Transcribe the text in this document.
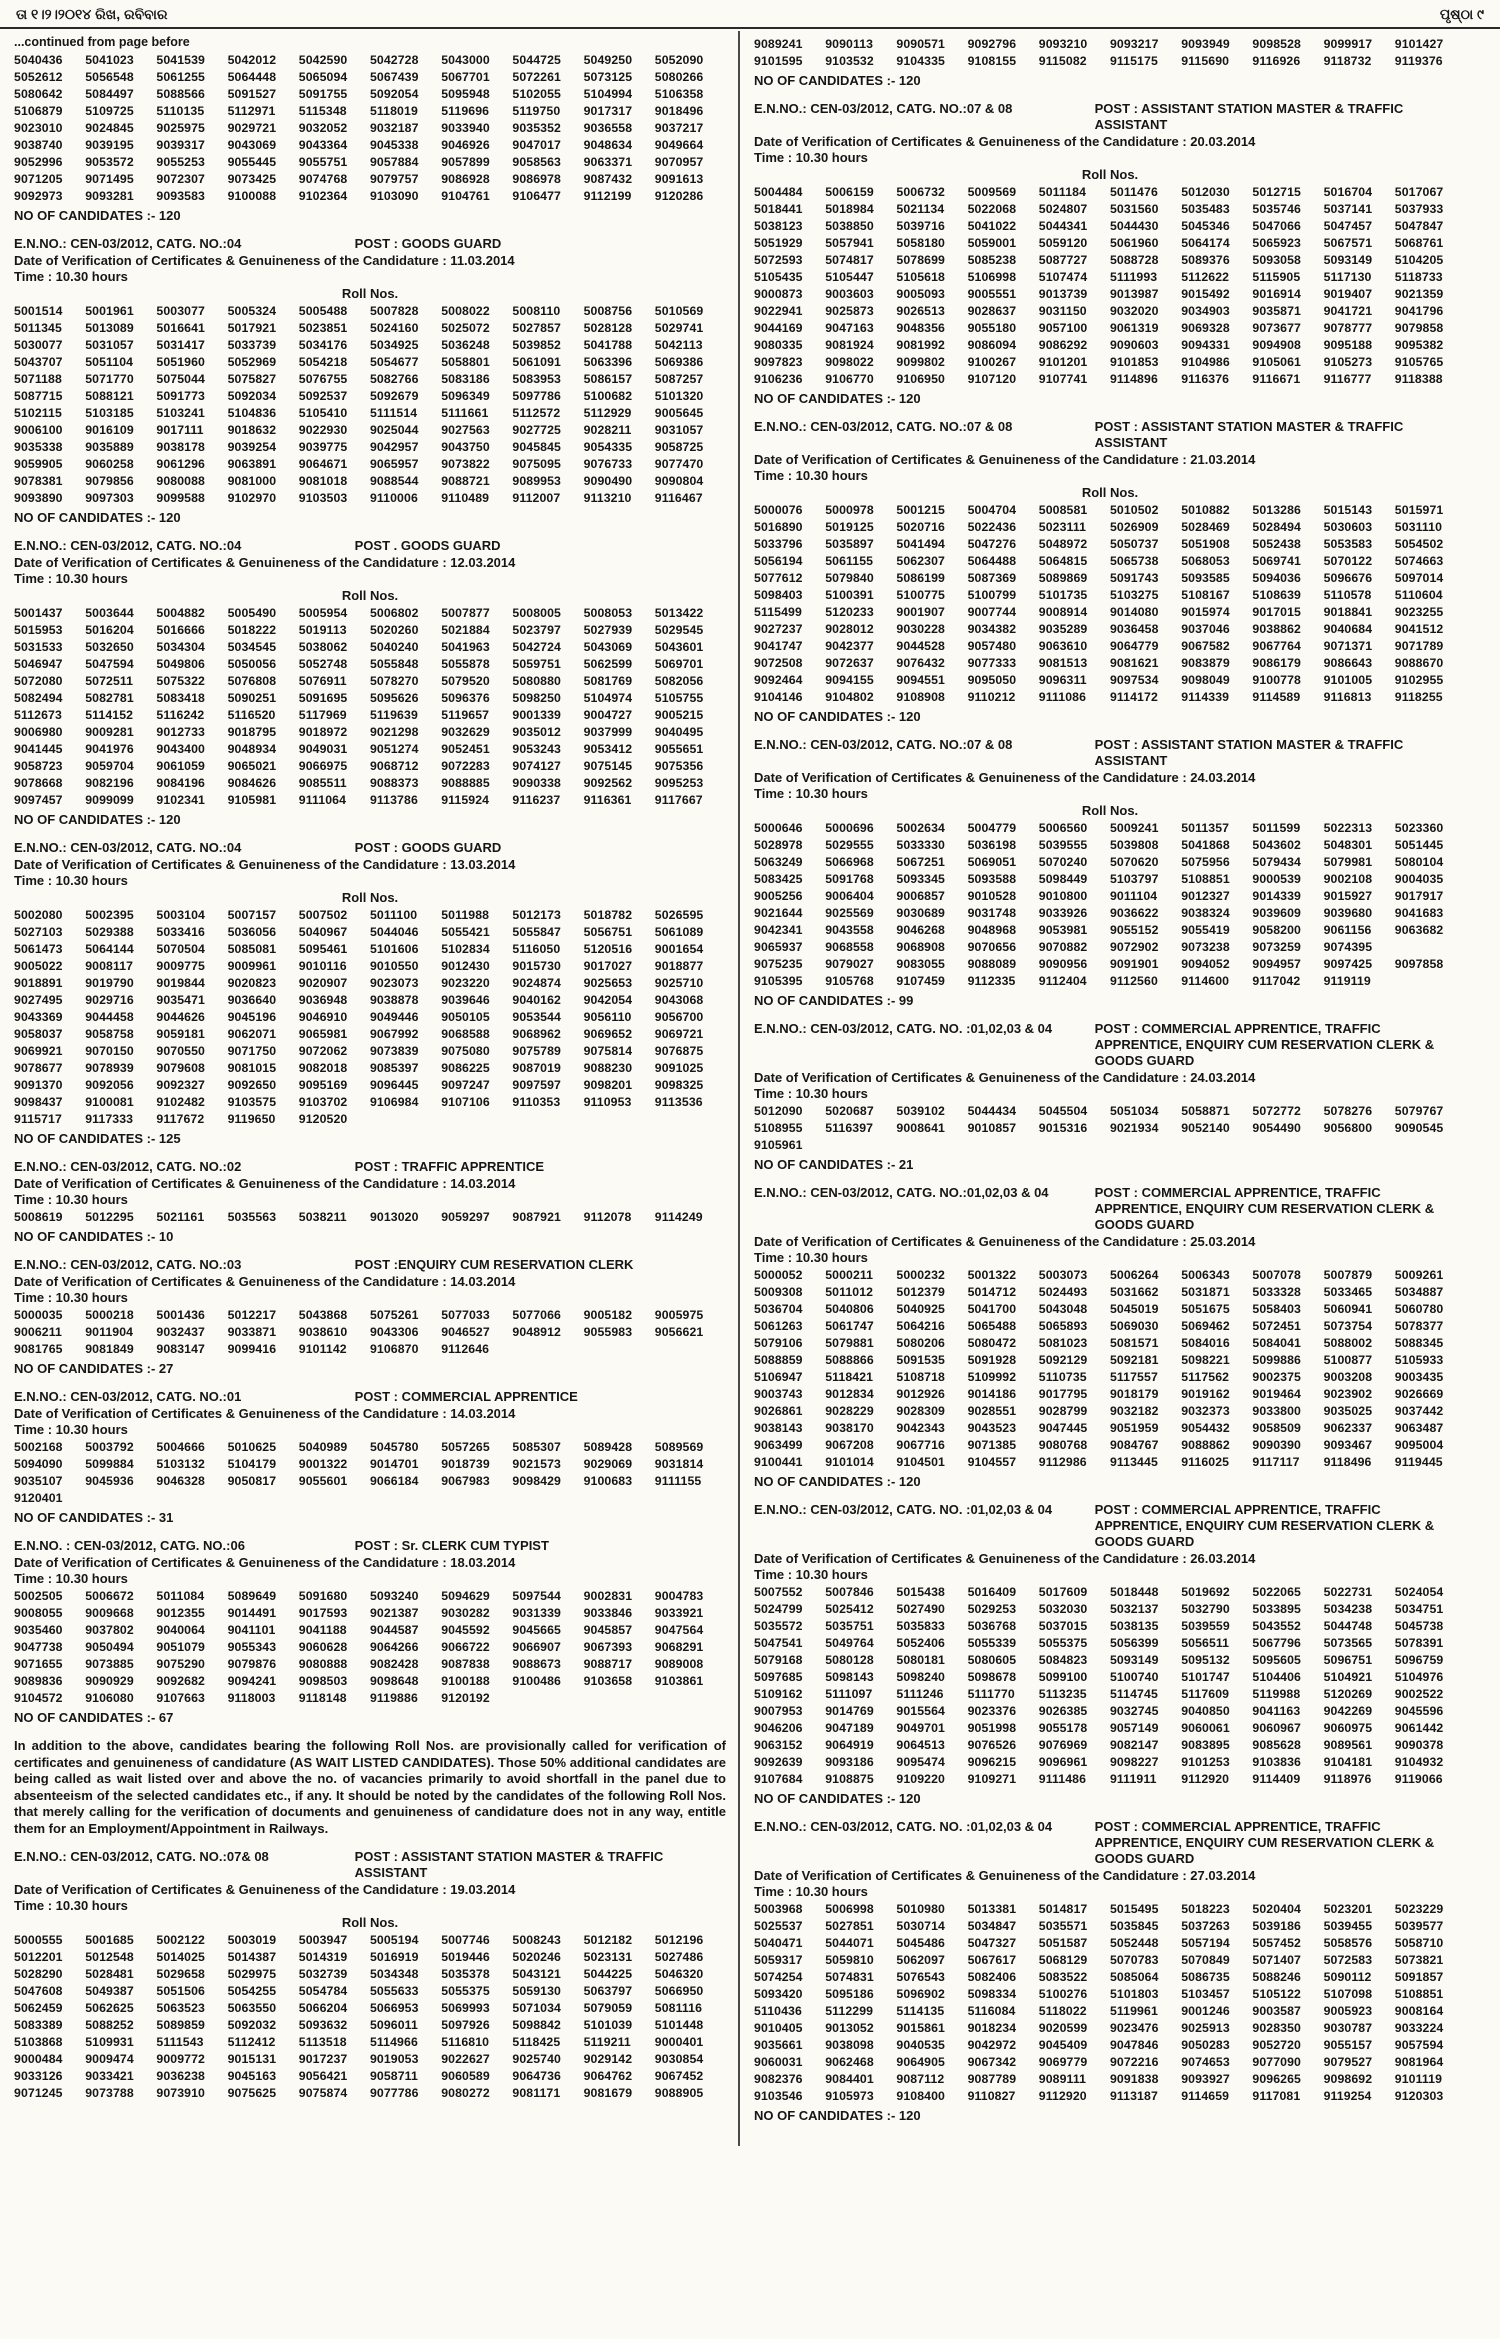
ତା ୧।୨।୨୦୧୪ ରିଖ, ରବିବାର	ପୃଷ୍ଠା ୯
...continued from page before
5040436	5041023	5041539	5042012	5042590	5042728	5043000	5044725	5049250	5052090
5052612	5056548	5061255	5064448	5065094	5067439	5067701	5072261	5073125	5080266
5080642	5084497	5088566	5091527	5091755	5092054	5095948	5102055	5104994	5106358
5106879	5109725	5110135	5112971	5115348	5118019	5119696	5119750	9017317	9018496
9023010	9024845	9025975	9029721	9032052	9032187	9033940	9035352	9036558	9037217
9038740	9039195	9039317	9043069	9043364	9045338	9046926	9047017	9048634	9049664
9052996	9053572	9055253	9055445	9055751	9057884	9057899	9058563	9063371	9070957
9071205	9071495	9072307	9073425	9074768	9079757	9086928	9086978	9087432	9091613
9092973	9093281	9093583	9100088	9102364	9103090	9104761	9106477	9112199	9120286
NO OF CANDIDATES :- 120
E.N.NO.: CEN-03/2012, CATG. NO.:04	POST : GOODS GUARD
Date of Verification of Certificates & Genuineness of the Candidature : 11.03.2014
Time : 10.30 hours
Roll Nos.
5001514	5001961	5003077	5005324	5005488	5007828	5008022	5008110	5008756	5010569
5011345	5013089	5016641	5017921	5023851	5024160	5025072	5027857	5028128	5029741
5030077	5031057	5031417	5033739	5034176	5034925	5036248	5039852	5041788	5042113
5043707	5051104	5051960	5052969	5054218	5054677	5058801	5061091	5063396	5069386
5071188	5071770	5075044	5075827	5076755	5082766	5083186	5083953	5086157	5087257
5087715	5088121	5091773	5092034	5092537	5092679	5096349	5097786	5100682	5101320
5102115	5103185	5103241	5104836	5105410	5111514	5111661	5112572	5112929	9005645
9006100	9016109	9017111	9018632	9022930	9025044	9027563	9027725	9028211	9031057
9035338	9035889	9038178	9039254	9039775	9042957	9043750	9045845	9054335	9058725
9059905	9060258	9061296	9063891	9064671	9065957	9073822	9075095	9076733	9077470
9078381	9079856	9080088	9081000	9081018	9088544	9088721	9089953	9090490	9090804
9093890	9097303	9099588	9102970	9103503	9110006	9110489	9112007	9113210	9116467
NO OF CANDIDATES :- 120
E.N.NO.: CEN-03/2012, CATG. NO.:04	POST . GOODS GUARD
Date of Verification of Certificates & Genuineness of the Candidature : 12.03.2014
Time : 10.30 hours
Roll Nos.
5001437	5003644	5004882	5005490	5005954	5006802	5007877	5008005	5008053	5013422
5015953	5016204	5016666	5018222	5019113	5020260	5021884	5023797	5027939	5029545
5031533	5032650	5034304	5034545	5038062	5040240	5041963	5042724	5043069	5043601
5046947	5047594	5049806	5050056	5052748	5055848	5055878	5059751	5062599	5069701
5072080	5072511	5075322	5076808	5076911	5078270	5079520	5080880	5081769	5082056
5082494	5082781	5083418	5090251	5091695	5095626	5096376	5098250	5104974	5105755
5112673	5114152	5116242	5116520	5117969	5119639	5119657	9001339	9004727	9005215
9006980	9009281	9012733	9018795	9018972	9021298	9032629	9035012	9037999	9040495
9041445	9041976	9043400	9048934	9049031	9051274	9052451	9053243	9053412	9055651
9058723	9059704	9061059	9065021	9066975	9068712	9072283	9074127	9075145	9075356
9078668	9082196	9084196	9084626	9085511	9088373	9088885	9090338	9092562	9095253
9097457	9099099	9102341	9105981	9111064	9113786	9115924	9116237	9116361	9117667
NO OF CANDIDATES :- 120
E.N.NO.: CEN-03/2012, CATG. NO.:04	POST : GOODS GUARD
Date of Verification of Certificates & Genuineness of the Candidature : 13.03.2014
Time : 10.30 hours
Roll Nos.
5002080	5002395	5003104	5007157	5007502	5011100	5011988	5012173	5018782	5026595
5027103	5029388	5033416	5036056	5040967	5044046	5055421	5055847	5056751	5061089
5061473	5064144	5070504	5085081	5095461	5101606	5102834	5116050	5120516	9001654
9005022	9008117	9009775	9009961	9010116	9010550	9012430	9015730	9017027	9018877
9018891	9019790	9019844	9020823	9020907	9023073	9023220	9024874	9025653	9025710
9027495	9029716	9035471	9036640	9036948	9038878	9039646	9040162	9042054	9043068
9043369	9044458	9044626	9045196	9046910	9049446	9050105	9053544	9056110	9056700
9058037	9058758	9059181	9062071	9065981	9067992	9068588	9068962	9069652	9069721
9069921	9070150	9070550	9071750	9072062	9073839	9075080	9075789	9075814	9076875
9078677	9078939	9079608	9081015	9082018	9085397	9086225	9087019	9088230	9091025
9091370	9092056	9092327	9092650	9095169	9096445	9097247	9097597	9098201	9098325
9098437	9100081	9102482	9103575	9103702	9106984	9107106	9110353	9110953	9113536
9115717	9117333	9117672	9119650	9120520
NO OF CANDIDATES :- 125
E.N.NO.: CEN-03/2012, CATG. NO.:02	POST : TRAFFIC APPRENTICE
Date of Verification of Certificates & Genuineness of the Candidature : 14.03.2014
Time : 10.30 hours
5008619	5012295	5021161	5035563	5038211	9013020	9059297	9087921	9112078	9114249
NO OF CANDIDATES :- 10
E.N.NO.: CEN-03/2012, CATG. NO.:03	POST :ENQUIRY CUM RESERVATION CLERK
Date of Verification of Certificates & Genuineness of the Candidature : 14.03.2014
Time : 10.30 hours
5000035	5000218	5001436	5012217	5043868	5075261	5077033	5077066	9005182	9005975
9006211	9011904	9032437	9033871	9038610	9043306	9046527	9048912	9055983	9056621
9081765	9081849	9083147	9099416	9101142	9106870	9112646
NO OF CANDIDATES :- 27
E.N.NO.: CEN-03/2012, CATG. NO.:01	POST : COMMERCIAL APPRENTICE
Date of Verification of Certificates & Genuineness of the Candidature : 14.03.2014
Time : 10.30 hours
5002168	5003792	5004666	5010625	5040989	5045780	5057265	5085307	5089428	5089569
5094090	5099884	5103132	5104179	9001322	9014701	9018739	9021573	9029069	9031814
9035107	9045936	9046328	9050817	9055601	9066184	9067983	9098429	9100683	9111155
9120401
NO OF CANDIDATES :- 31
E.N.NO. : CEN-03/2012, CATG. NO.:06	POST : Sr. CLERK CUM TYPIST
Date of Verification of Certificates & Genuineness of the Candidature : 18.03.2014
Time : 10.30 hours
5002505	5006672	5011084	5089649	5091680	5093240	5094629	5097544	9002831	9004783
9008055	9009668	9012355	9014491	9017593	9021387	9030282	9031339	9033846	9033921
9035460	9037802	9040064	9041101	9041188	9044587	9045592	9045665	9045857	9047564
9047738	9050494	9051079	9055343	9060628	9064266	9066722	9066907	9067393	9068291
9071655	9073885	9075290	9079876	9080888	9082428	9087838	9088673	9088717	9089008
9089836	9090929	9092682	9094241	9098503	9098648	9100188	9100486	9103658	9103861
9104572	9106080	9107663	9118003	9118148	9119886	9120192
NO OF CANDIDATES :- 67

In addition to the above, candidates bearing the following Roll Nos. are provisionally called for verification of certificates and genuineness of candidature (AS WAIT LISTED CANDIDATES). Those 50% additional candidates are being called as wait listed over and above the no. of vacancies primarily to avoid shortfall in the panel due to absenteeism of the selected candidates etc., if any. It should be noted by the candidates of the following Roll Nos. that merely calling for the verification of documents and genuineness of candidature does not in any way, entitle them for an Employment/Appointment in Railways.

E.N.NO.: CEN-03/2012, CATG. NO.:07& 08	POST : ASSISTANT STATION MASTER & TRAFFIC ASSISTANT
Date of Verification of Certificates & Genuineness of the Candidature : 19.03.2014
Time : 10.30 hours
Roll Nos.
5000555	5001685	5002122	5003019	5003947	5005194	5007746	5008243	5012182	5012196
5012201	5012548	5014025	5014387	5014319	5016919	5019446	5020246	5023131	5027486
5028290	5028481	5029658	5029975	5032739	5034348	5035378	5043121	5044225	5046320
5047608	5049387	5051506	5054255	5054784	5055633	5055375	5059130	5063797	5066950
5062459	5062625	5063523	5063550	5066204	5066953	5069993	5071034	5079059	5081116
5083389	5088252	5089859	5092032	5093632	5096011	5097926	5098842	5101039	5101448
5103868	5109931	5111543	5112412	5113518	5114966	5116810	5118425	5119211	9000401
9000484	9009474	9009772	9015131	9017237	9019053	9022627	9025740	9029142	9030854
9033126	9033421	9036238	9045163	9056421	9058711	9060589	9064736	9064762	9067452
9071245	9073788	9073910	9075625	9075874	9077786	9080272	9081171	9081679	9088905
9089241	9090113	9090571	9092796	9093210	9093217	9093949	9098528	9099917	9101427
9101595	9103532	9104335	9108155	9115082	9115175	9115690	9116926	9118732	9119376
NO OF CANDIDATES :- 120
E.N.NO.: CEN-03/2012, CATG. NO.:07 & 08	POST : ASSISTANT STATION MASTER & TRAFFIC ASSISTANT
Date of Verification of Certificates & Genuineness of the Candidature : 20.03.2014
Time : 10.30 hours
Roll Nos.
5004484	5006159	5006732	5009569	5011184	5011476	5012030	5012715	5016704	5017067
5018441	5018984	5021134	5022068	5024807	5031560	5035483	5035746	5037141	5037933
5038123	5038850	5039716	5041022	5044341	5044430	5045346	5047066	5047457	5047847
5051929	5057941	5058180	5059001	5059120	5061960	5064174	5065923	5067571	5068761
5072593	5074817	5078699	5085238	5087727	5088728	5089376	5093058	5093149	5104205
5105435	5105447	5105618	5106998	5107474	5111993	5112622	5115905	5117130	5118733
9000873	9003603	9005093	9005551	9013739	9013987	9015492	9016914	9019407	9021359
9022941	9025873	9026513	9028637	9031150	9032020	9034903	9035871	9041721	9041796
9044169	9047163	9048356	9055180	9057100	9061319	9069328	9073677	9078777	9079858
9080335	9081924	9081992	9086094	9086292	9090603	9094331	9094908	9095188	9095382
9097823	9098022	9099802	9100267	9101201	9101853	9104986	9105061	9105273	9105765
9106236	9106770	9106950	9107120	9107741	9114896	9116376	9116671	9116777	9118388
NO OF CANDIDATES :- 120
E.N.NO.: CEN-03/2012, CATG. NO.:07 & 08	POST : ASSISTANT STATION MASTER & TRAFFIC ASSISTANT
Date of Verification of Certificates & Genuineness of the Candidature : 21.03.2014
Time : 10.30 hours
Roll Nos.
5000076	5000978	5001215	5004704	5008581	5010502	5010882	5013286	5015143	5015971
5016890	5019125	5020716	5022436	5023111	5026909	5028469	5028494	5030603	5031110
5033796	5035897	5041494	5047276	5048972	5050737	5051908	5052438	5053583	5054502
5056194	5061155	5062307	5064488	5064815	5065738	5068053	5069741	5070122	5074663
5077612	5079840	5086199	5087369	5089869	5091743	5093585	5094036	5096676	5097014
5098403	5100391	5100775	5100799	5101735	5103275	5108167	5108639	5110578	5110604
5115499	5120233	9001907	9007744	9008914	9014080	9015974	9017015	9018841	9023255
9027237	9028012	9030228	9034382	9035289	9036458	9037046	9038862	9040684	9041512
9041747	9042377	9044528	9057480	9063610	9064779	9067582	9067764	9071371	9071789
9072508	9072637	9076432	9077333	9081513	9081621	9083879	9086179	9086643	9088670
9092464	9094155	9094551	9095050	9096311	9097534	9098049	9100778	9101005	9102955
9104146	9104802	9108908	9110212	9111086	9114172	9114339	9114589	9116813	9118255
NO OF CANDIDATES :- 120
E.N.NO.: CEN-03/2012, CATG. NO.:07 & 08	POST : ASSISTANT STATION MASTER & TRAFFIC ASSISTANT
Date of Verification of Certificates & Genuineness of the Candidature : 24.03.2014
Time : 10.30 hours
Roll Nos.
5000646	5000696	5002634	5004779	5006560	5009241	5011357	5011599	5022313	5023360
5028978	5029555	5033330	5036198	5039555	5039808	5041868	5043602	5048301	5051445
5063249	5066968	5067251	5069051	5070240	5070620	5075956	5079434	5079981	5080104
5083425	5091768	5093345	5093588	5098449	5103797	5108851	9000539	9002108	9004035
9005256	9006404	9006857	9010528	9010800	9011104	9012327	9014339	9015927	9017917
9021644	9025569	9030689	9031748	9033926	9036622	9038324	9039609	9039680	9041683
9042341	9043558	9046268	9048968	9053981	9055152	9055419	9058200	9061156	9063682
9065937	9068558	9068908	9070656	9070882	9072902	9073238	9073259	9074395
9075235	9079027	9083055	9088089	9090956	9091901	9094052	9094957	9097425	9097858
9105395	9105768	9107459	9112335	9112404	9112560	9114600	9117042	9119119
NO OF CANDIDATES :- 99
E.N.NO.: CEN-03/2012, CATG. NO. :01,02,03 & 04	POST : COMMERCIAL APPRENTICE, TRAFFIC APPRENTICE, ENQUIRY CUM RESERVATION CLERK & GOODS GUARD
Date of Verification of Certificates & Genuineness of the Candidature : 24.03.2014
Time : 10.30 hours
5012090	5020687	5039102	5044434	5045504	5051034	5058871	5072772	5078276	5079767
5108955	5116397	9008641	9010857	9015316	9021934	9052140	9054490	9056800	9090545
9105961
NO OF CANDIDATES :- 21
E.N.NO.: CEN-03/2012, CATG. NO.:01,02,03 & 04	POST : COMMERCIAL APPRENTICE, TRAFFIC APPRENTICE, ENQUIRY CUM RESERVATION CLERK & GOODS GUARD
Date of Verification of Certificates & Genuineness of the Candidature : 25.03.2014
Time : 10.30 hours
5000052	5000211	5000232	5001322	5003073	5006264	5006343	5007078	5007879	5009261
5009308	5011012	5012379	5014712	5024493	5031662	5031871	5033328	5033465	5034887
5036704	5040806	5040925	5041700	5043048	5045019	5051675	5058403	5060941	5060780
5061263	5061747	5064216	5065488	5065893	5069030	5069462	5072451	5073754	5078377
5079106	5079881	5080206	5080472	5081023	5081571	5084016	5084041	5088002	5088345
5088859	5088866	5091535	5091928	5092129	5092181	5098221	5099886	5100877	5105933
5106947	5118421	5108718	5109992	5110735	5117557	5117562	9002375	9003208	9003435
9003743	9012834	9012926	9014186	9017795	9018179	9019162	9019464	9023902	9026669
9026861	9028229	9028309	9028551	9028799	9032182	9032373	9033800	9035025	9037442
9038143	9038170	9042343	9043523	9047445	9051959	9054432	9058509	9062337	9063487
9063499	9067208	9067716	9071385	9080768	9084767	9088862	9090390	9093467	9095004
9100441	9101014	9104501	9104557	9112986	9113445	9116025	9117117	9118496	9119445
NO OF CANDIDATES :- 120
E.N.NO.: CEN-03/2012, CATG. NO. :01,02,03 & 04	POST : COMMERCIAL APPRENTICE, TRAFFIC APPRENTICE, ENQUIRY CUM RESERVATION CLERK & GOODS GUARD
Date of Verification of Certificates & Genuineness of the Candidature : 26.03.2014
Time : 10.30 hours
5007552	5007846	5015438	5016409	5017609	5018448	5019692	5022065	5022731	5024054
5024799	5025412	5027490	5029253	5032030	5032137	5032790	5033895	5034238	5034751
5035572	5035751	5035833	5036768	5037015	5038135	5039559	5043552	5044748	5045738
5047541	5049764	5052406	5055339	5055375	5056399	5056511	5067796	5073565	5078391
5079168	5080128	5080181	5080605	5084823	5093149	5095132	5095605	5096751	5096759
5097685	5098143	5098240	5098678	5099100	5100740	5101747	5104406	5104921	5104976
5109162	5111097	5111246	5111770	5113235	5114745	5117609	5119988	5120269	9002522
9007953	9014769	9015564	9023376	9026385	9032745	9040850	9041163	9042269	9045596
9046206	9047189	9049701	9051998	9055178	9057149	9060061	9060967	9060975	9061442
9063152	9064919	9064513	9076526	9076969	9082147	9083895	9085628	9089561	9090378
9092639	9093186	9095474	9096215	9096961	9098227	9101253	9103836	9104181	9104932
9107684	9108875	9109220	9109271	9111486	9111911	9112920	9114409	9118976	9119066
NO OF CANDIDATES :- 120
E.N.NO.: CEN-03/2012, CATG. NO. :01,02,03 & 04	POST : COMMERCIAL APPRENTICE, TRAFFIC APPRENTICE, ENQUIRY CUM RESERVATION CLERK & GOODS GUARD
Date of Verification of Certificates & Genuineness of the Candidature : 27.03.2014
Time : 10.30 hours
5003968	5006998	5010980	5013381	5014817	5015495	5018223	5020404	5023201	5023229
5025537	5027851	5030714	5034847	5035571	5035845	5037263	5039186	5039455	5039577
5040471	5044071	5045486	5047327	5051587	5052448	5057194	5057452	5058576	5058710
5059317	5059810	5062097	5067617	5068129	5070783	5070849	5071407	5072583	5073821
5074254	5074831	5076543	5082406	5083522	5085064	5086735	5088246	5090112	5091857
5093420	5095186	5096902	5098334	5100276	5101803	5103457	5105122	5107098	5108851
5110436	5112299	5114135	5116084	5118022	5119961	9001246	9003587	9005923	9008164
9010405	9013052	9015861	9018234	9020599	9023476	9025913	9028350	9030787	9033224
9035661	9038098	9040535	9042972	9045409	9047846	9050283	9052720	9055157	9057594
9060031	9062468	9064905	9067342	9069779	9072216	9074653	9077090	9079527	9081964
9082376	9084401	9087112	9087789	9089111	9091838	9093927	9096265	9098692	9101119
9103546	9105973	9108400	9110827	9112920	9113187	9114659	9117081	9119254	9120303
NO OF CANDIDATES :- 120
